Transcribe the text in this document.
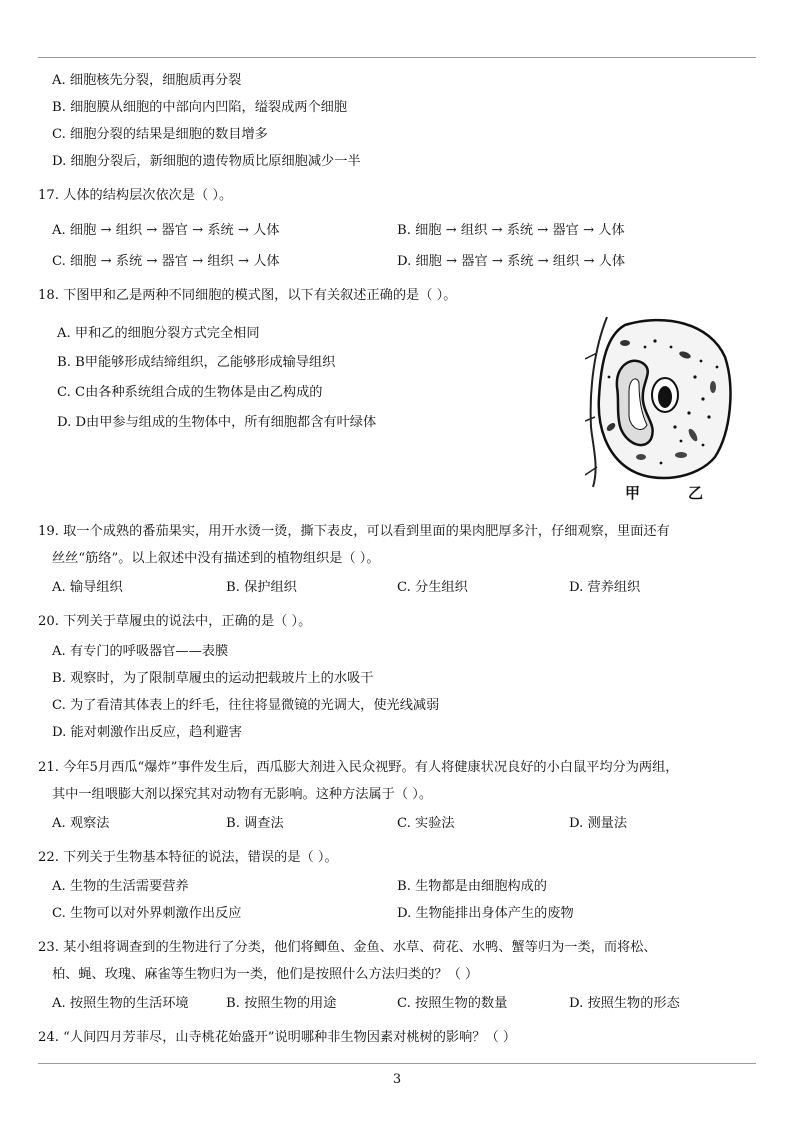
A. 细胞核先分裂，细胞质再分裂
B. 细胞膜从细胞的中部向内凹陷，缢裂成两个细胞
C. 细胞分裂的结果是细胞的数目增多
D. 细胞分裂后，新细胞的遗传物质比原细胞减少一半
17. 人体的结构层次依次是（ ）。
A. 细胞 → 组织 → 器官 → 系统 → 人体	B. 细胞 → 组织 → 系统 → 器官 → 人体
C. 细胞 → 系统 → 器官 → 组织 → 人体	D. 细胞 → 器官 → 系统 → 组织 → 人体
18. 下图甲和乙是两种不同细胞的模式图，以下有关叙述正确的是（ ）。
A. 甲和乙的细胞分裂方式完全相同
B. B甲能够形成结缔组织，乙能够形成输导组织
C. C由各种系统组合成的生物体是由乙构成的
D. D由甲参与组成的生物体中，所有细胞都含有叶绿体
甲	乙
19. 取一个成熟的番茄果实，用开水烫一烫，撕下表皮，可以看到里面的果肉肥厚多汁，仔细观察，里面还有
丝丝“筋络”。以上叙述中没有描述到的植物组织是（ ）。
A. 输导组织	B. 保护组织	C. 分生组织	D. 营养组织
20. 下列关于草履虫的说法中，正确的是（ ）。
A. 有专门的呼吸器官——表膜
B. 观察时，为了限制草履虫的运动把载玻片上的水吸干
C. 为了看清其体表上的纤毛，往往将显微镜的光调大，使光线减弱
D. 能对刺激作出反应，趋利避害
21. 今年5月西瓜“爆炸”事件发生后，西瓜膨大剂进入民众视野。有人将健康状况良好的小白鼠平均分为两组，
其中一组喂膨大剂以探究其对动物有无影响。这种方法属于（ ）。
A. 观察法	B. 调查法	C. 实验法	D. 测量法
22. 下列关于生物基本特征的说法，错误的是（ ）。
A. 生物的生活需要营养	B. 生物都是由细胞构成的
C. 生物可以对外界刺激作出反应	D. 生物能排出身体产生的废物
23. 某小组将调查到的生物进行了分类，他们将鲫鱼、金鱼、水草、荷花、水鸭、蟹等归为一类，而将松、
柏、蝇、玫瑰、麻雀等生物归为一类，他们是按照什么方法归类的？（ ）
A. 按照生物的生活环境	B. 按照生物的用途	C. 按照生物的数量	D. 按照生物的形态
24. “人间四月芳菲尽，山寺桃花始盛开”说明哪种非生物因素对桃树的影响？（ ）
3
